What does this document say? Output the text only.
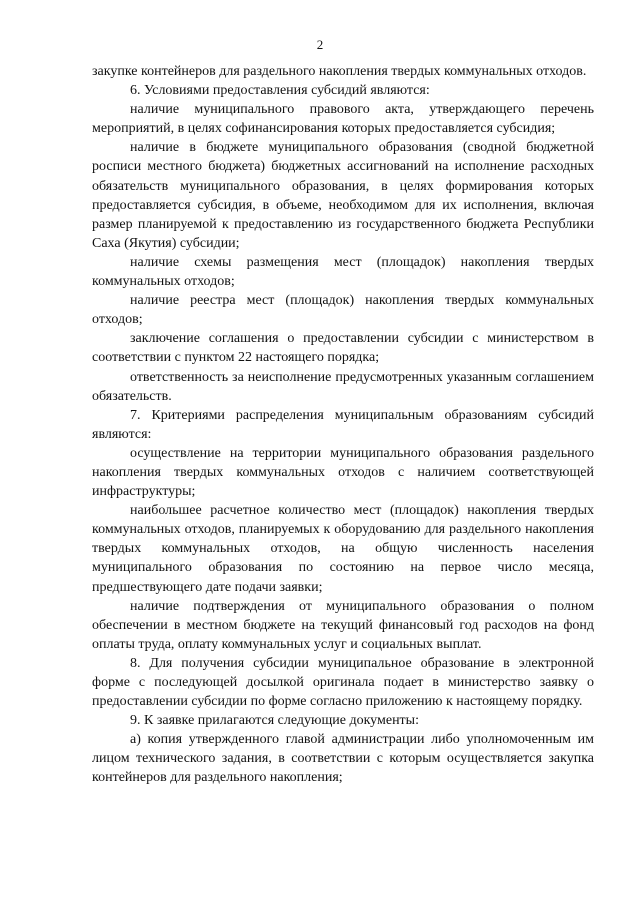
2

закупке контейнеров для раздельного накопления твердых коммунальных отходов.

6. Условиями предоставления субсидий являются:

наличие муниципального правового акта, утверждающего перечень мероприятий, в целях софинансирования которых предоставляется субсидия;

наличие в бюджете муниципального образования (сводной бюджетной росписи местного бюджета) бюджетных ассигнований на исполнение расходных обязательств муниципального образования, в целях формирования которых предоставляется субсидия, в объеме, необходимом для их исполнения, включая размер планируемой к предоставлению из государственного бюджета Республики Саха (Якутия) субсидии;

наличие схемы размещения мест (площадок) накопления твердых коммунальных отходов;

наличие реестра мест (площадок) накопления твердых коммунальных отходов;

заключение соглашения о предоставлении субсидии с министерством в соответствии с пунктом 22 настоящего порядка;

ответственность за неисполнение предусмотренных указанным соглашением обязательств.

7. Критериями распределения муниципальным образованиям субсидий являются:

осуществление на территории муниципального образования раздельного накопления твердых коммунальных отходов с наличием соответствующей инфраструктуры;

наибольшее расчетное количество мест (площадок) накопления твердых коммунальных отходов, планируемых к оборудованию для раздельного накопления твердых коммунальных отходов, на общую численность населения муниципального образования по состоянию на первое число месяца, предшествующего дате подачи заявки;

наличие подтверждения от муниципального образования о полном обеспечении в местном бюджете на текущий финансовый год расходов на фонд оплаты труда, оплату коммунальных услуг и социальных выплат.

8. Для получения субсидии муниципальное образование в электронной форме с последующей досылкой оригинала подает в министерство заявку о предоставлении субсидии по форме согласно приложению к настоящему порядку.

9. К заявке прилагаются следующие документы:

а) копия утвержденного главой администрации либо уполномоченным им лицом технического задания, в соответствии с которым осуществляется закупка контейнеров для раздельного накопления;
